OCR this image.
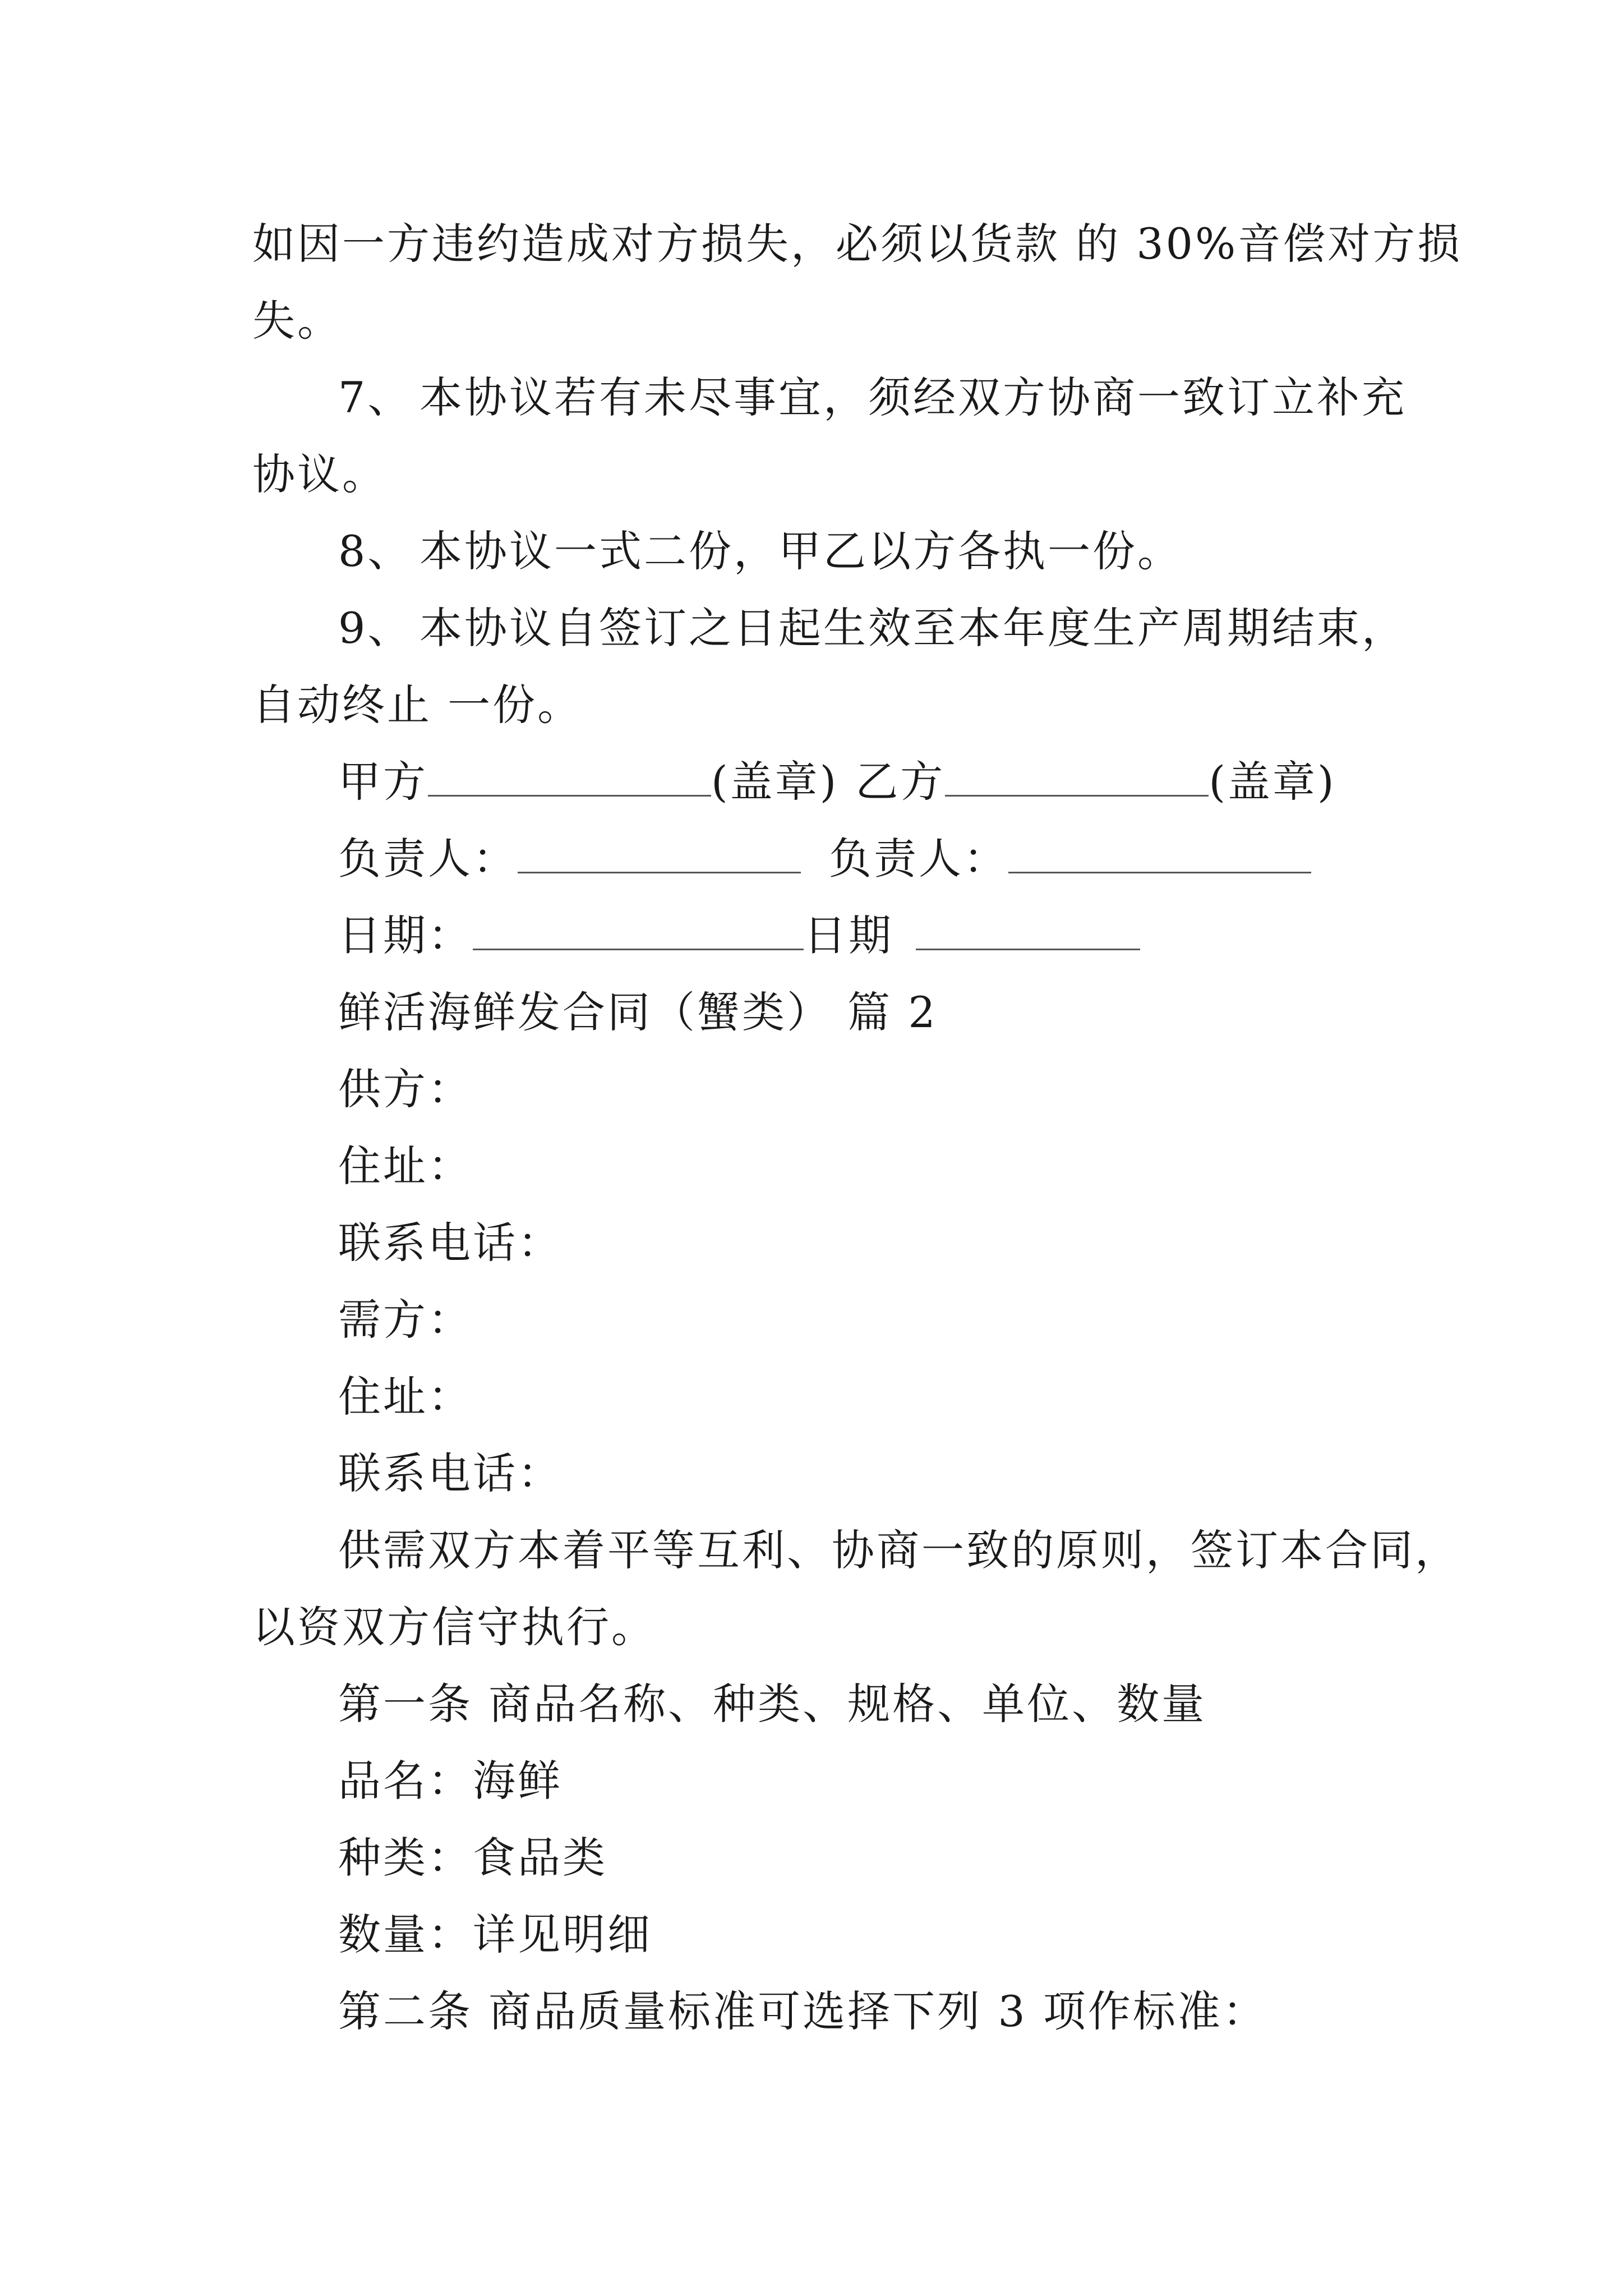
如因一方违约造成对方损失，必须以货款 的 30%音偿对方损
失。
7、 本协议若有未尽事宜，须经双方协商一致订立补充
协议。
8、 本协议一式二份，甲乙以方各执一份。
9、 本协议自签订之日起生效至本年度生产周期结束，
自动终止 一份。
甲方	(盖章) 乙方	(盖章)
负责人：	负责人：
日期：	日期
鲜活海鲜发合同（蟹类） 篇 2
供方：
住址：
联系电话：
需方：
住址：
联系电话：
供需双方本着平等互利、协商一致的原则，签订本合同，
以资双方信守执行。
第一条 商品名称、种类、规格、单位、数量
品名：海鲜
种类：食品类
数量：详见明细
第二条 商品质量标准可选择下列 3 项作标准：
